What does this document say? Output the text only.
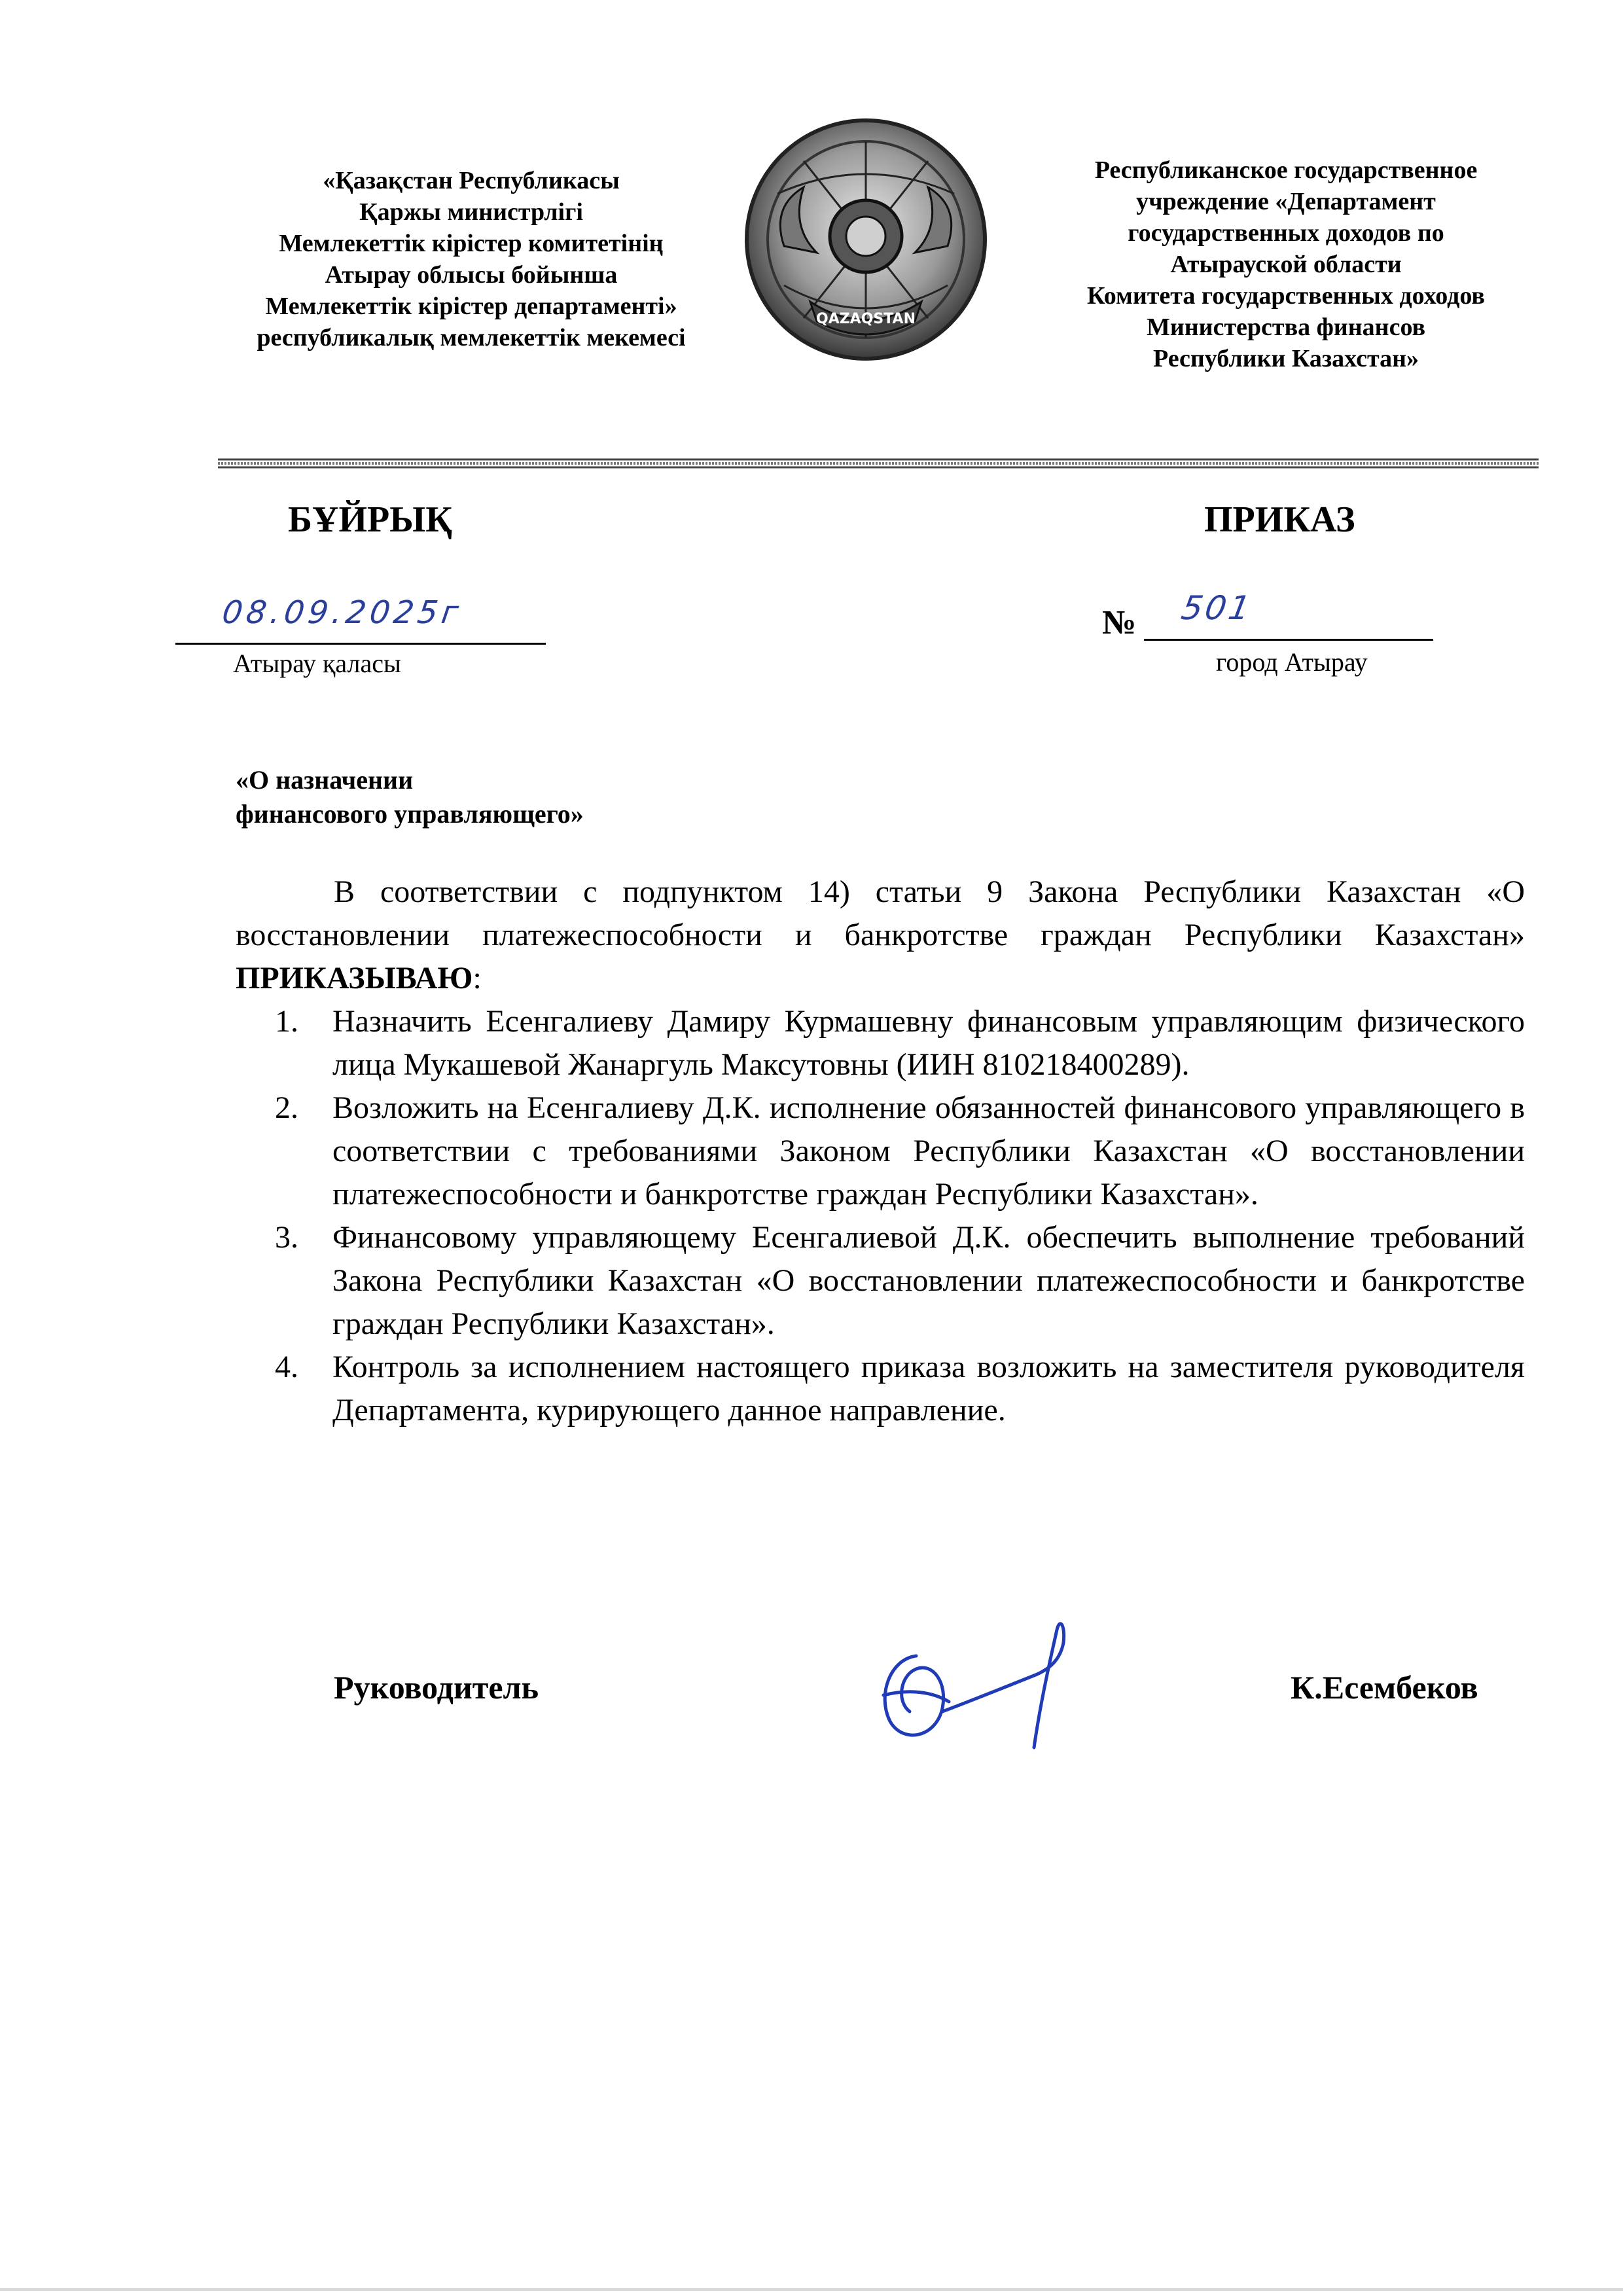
«Қазақстан Республикасы
Қаржы министрлігі
Мемлекеттік кірістер комитетінің
Атырау облысы бойынша
Мемлекеттік кірістер департаменті»
республикалық мемлекеттік мекемесі
QAZAQSTAN
Республиканское государственное
учреждение «Департамент
государственных доходов по
Атырауской области
Комитета государственных доходов
Министерства финансов
Республики Казахстан»
БҰЙРЫҚ	ПРИКАЗ
08.09.2025г
Атырау қаласы
№ 501
город Атырау
«О назначении
финансового управляющего»
В соответствии с подпунктом 14) статьи 9 Закона Республики Казахстан «О восстановлении платежеспособности и банкротстве граждан Республики Казахстан» ПРИКАЗЫВАЮ:
1.	Назначить Есенгалиеву Дамиру Курмашевну финансовым управляющим физического лица Мукашевой Жанаргуль Максутовны (ИИН 810218400289).
2.	Возложить на Есенгалиеву Д.К. исполнение обязанностей финансового управляющего в соответствии с требованиями Законом Республики Казахстан «О восстановлении платежеспособности и банкротстве граждан Республики Казахстан».
3.	Финансовому управляющему Есенгалиевой Д.К. обеспечить выполнение требований Закона Республики Казахстан «О восстановлении платежеспособности и банкротстве граждан Республики Казахстан».
4.	Контроль за исполнением настоящего приказа возложить на заместителя руководителя Департамента, курирующего данное направление.
Руководитель	К.Есембеков
